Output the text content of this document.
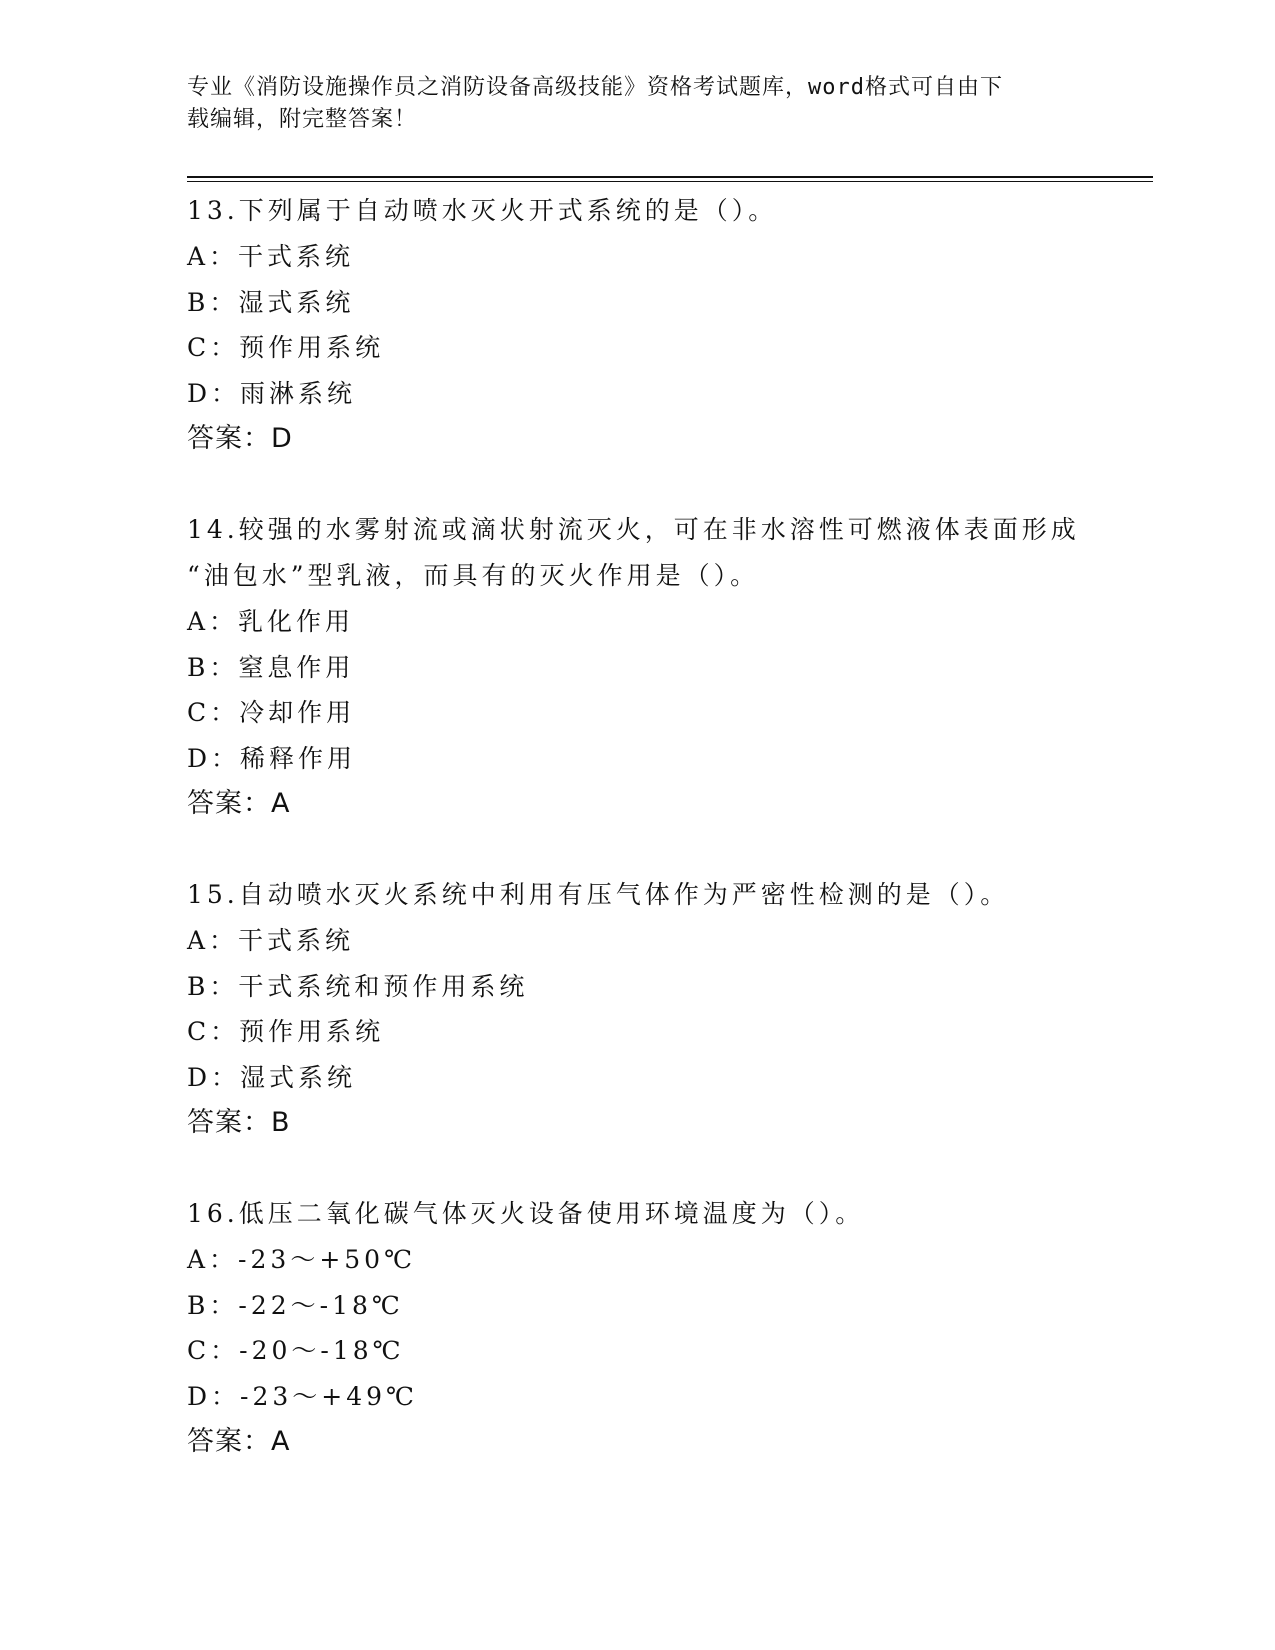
专业《消防设施操作员之消防设备高级技能》资格考试题库，word格式可自由下
载编辑，附完整答案！

13.下列属于自动喷水灭火开式系统的是（）。

A：干式系统

B：湿式系统

C：预作用系统

D：雨淋系统

答案：D

14.较强的水雾射流或滴状射流灭火，可在非水溶性可燃液体表面形成

“油包水”型乳液，而具有的灭火作用是（）。

A：乳化作用

B：窒息作用

C：冷却作用

D：稀释作用

答案：A

15.自动喷水灭火系统中利用有压气体作为严密性检测的是（）。

A：干式系统

B：干式系统和预作用系统

C：预作用系统

D：湿式系统

答案：B

16.低压二氧化碳气体灭火设备使用环境温度为（）。

A：-23～+50℃

B：-22～-18℃

C：-20～-18℃

D：-23～+49℃

答案：A
